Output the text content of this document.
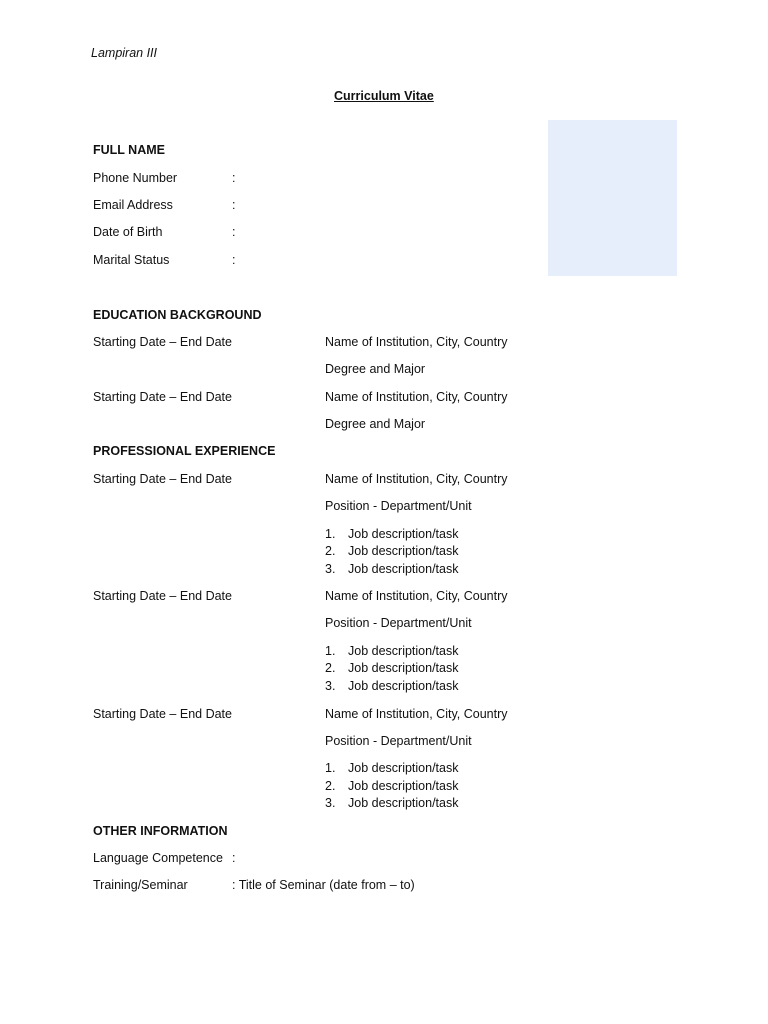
Lampiran III
Curriculum Vitae
FULL NAME
Phone Number	:
Email Address	:
Date of Birth	:
Marital Status	:
EDUCATION BACKGROUND
Starting Date – End Date	Name of Institution, City, Country
Degree and Major
Starting Date – End Date	Name of Institution, City, Country
Degree and Major
PROFESSIONAL EXPERIENCE
Starting Date – End Date	Name of Institution, City, Country
Position - Department/Unit
1. Job description/task
2. Job description/task
3. Job description/task
Starting Date – End Date	Name of Institution, City, Country
Position - Department/Unit
1. Job description/task
2. Job description/task
3. Job description/task
Starting Date – End Date	Name of Institution, City, Country
Position - Department/Unit
1. Job description/task
2. Job description/task
3. Job description/task
OTHER INFORMATION
Language Competence :
Training/Seminar	: Title of Seminar (date from – to)
